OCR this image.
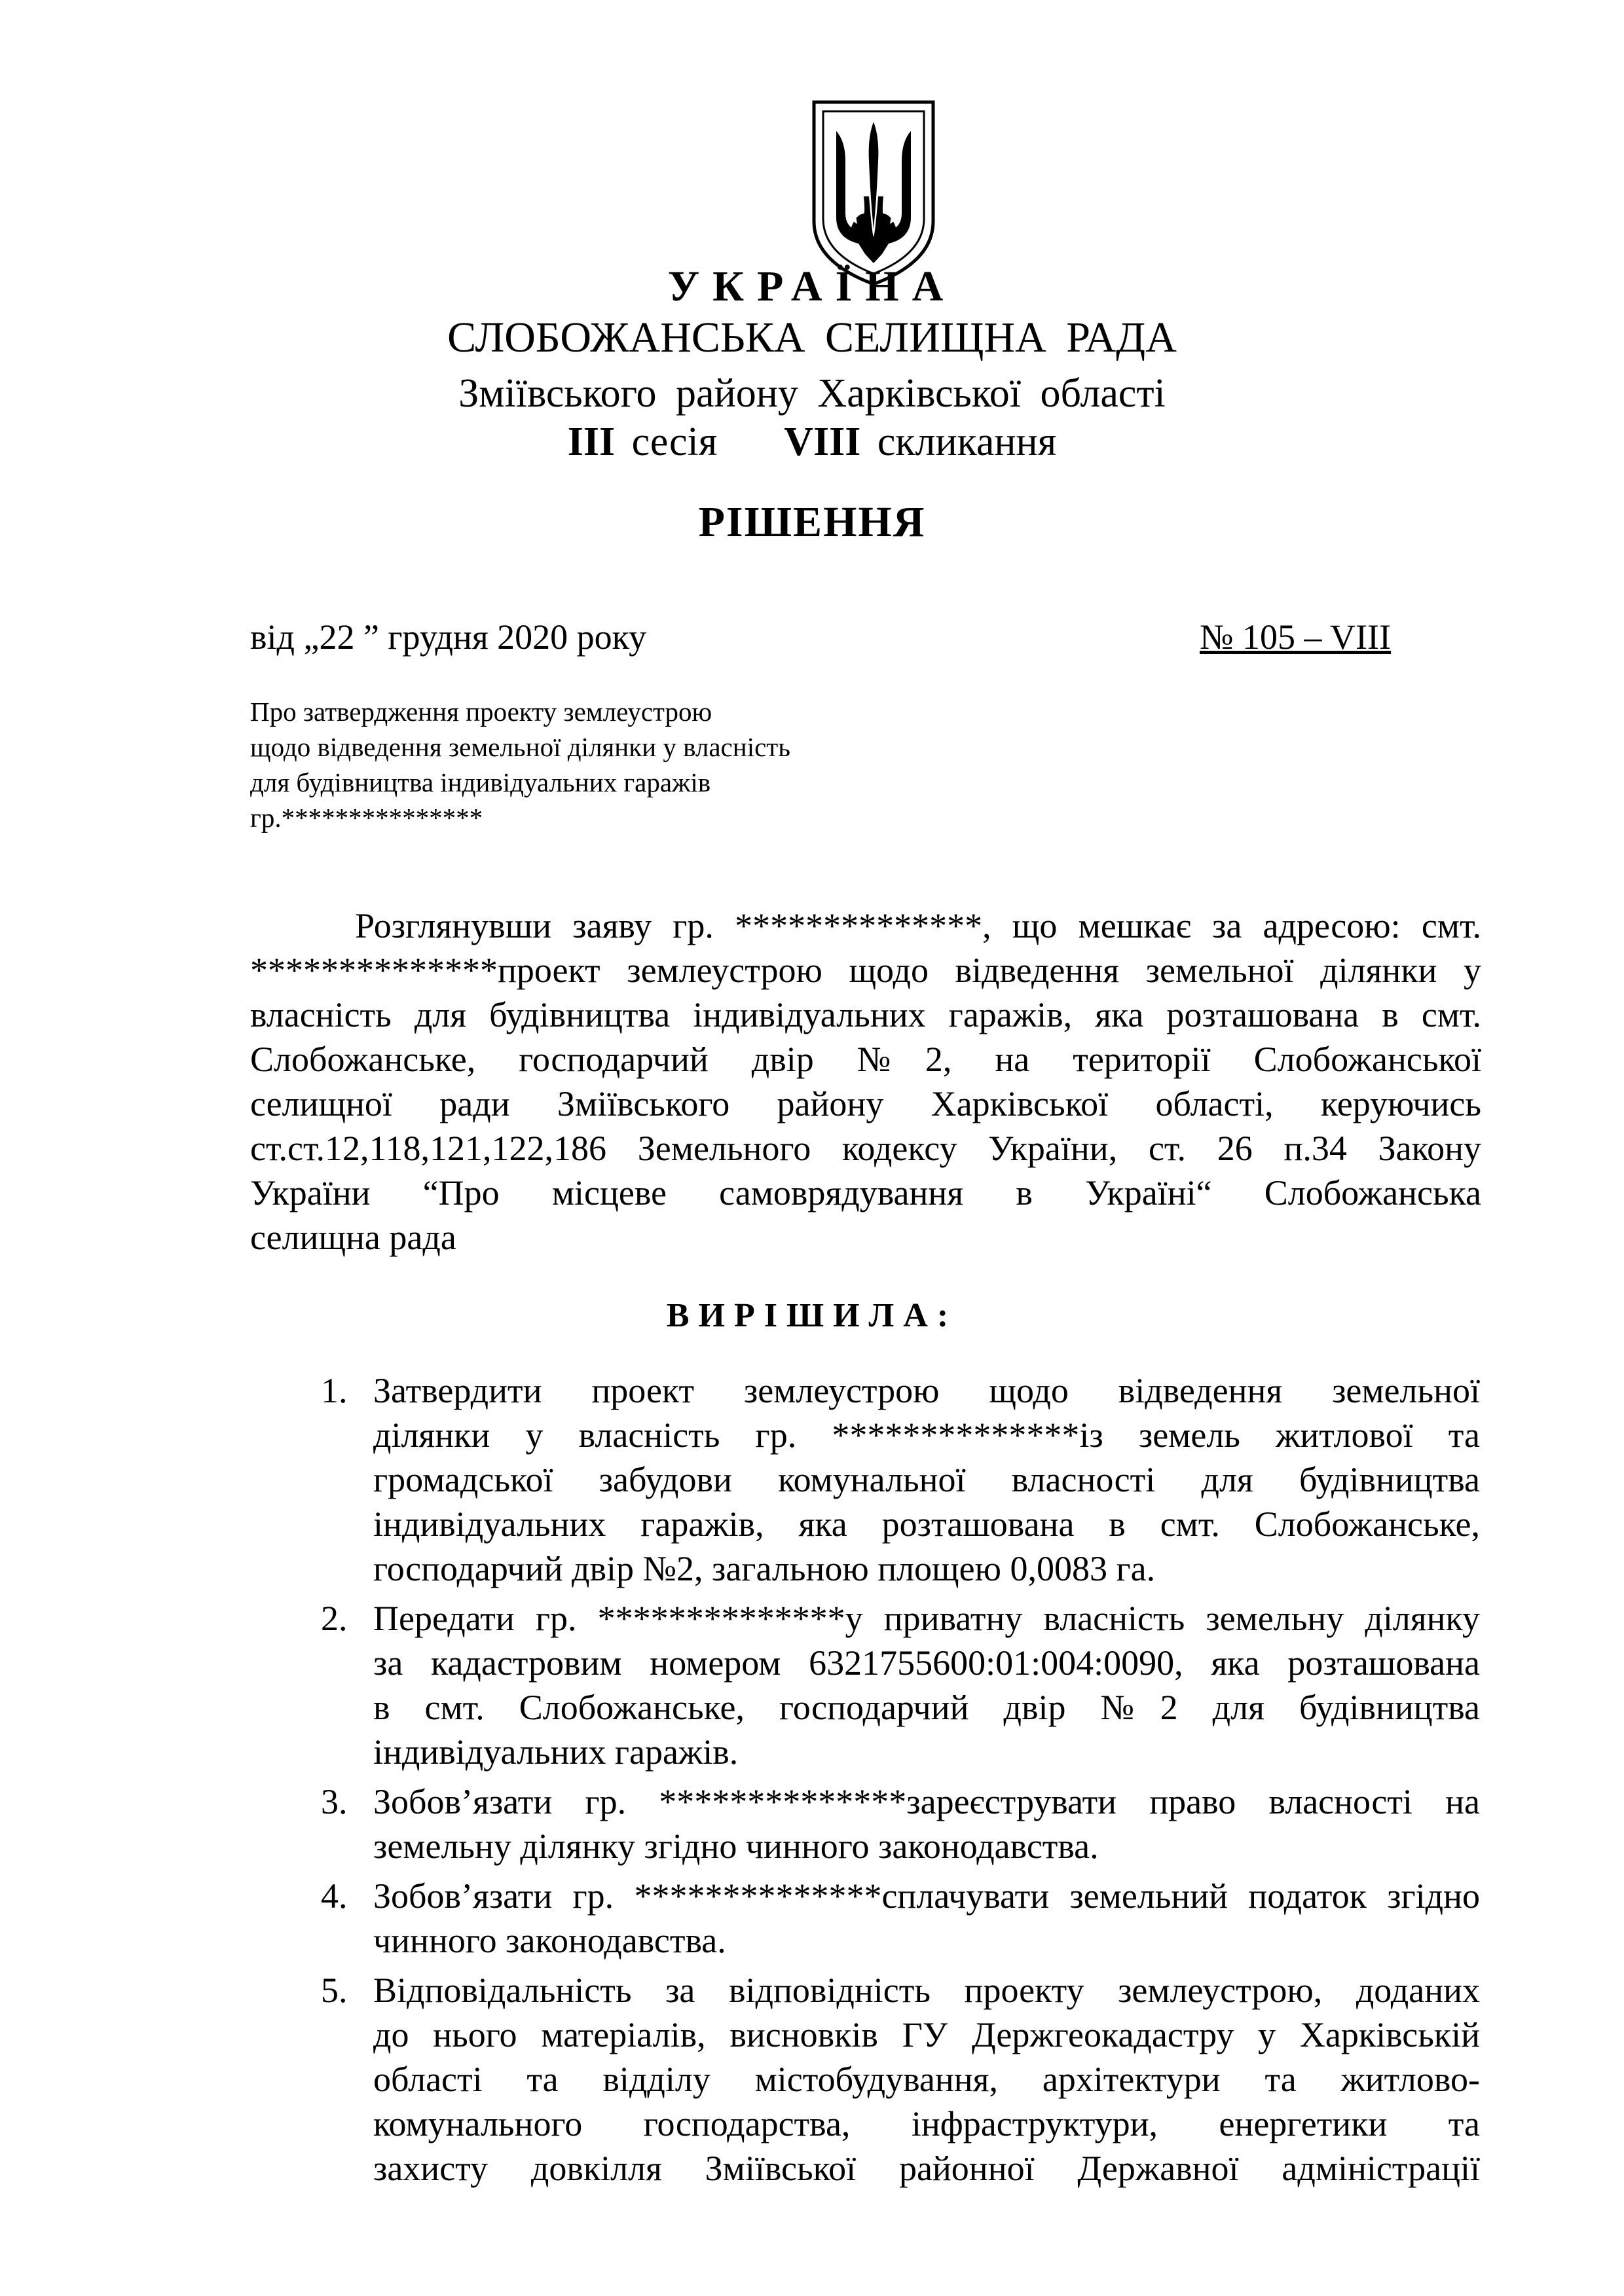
УКРАЇНА
СЛОБОЖАНСЬКА СЕЛИЩНА РАДА
Зміївського району Харківської області
ІІІ сесія VIІІ скликання
РІШЕННЯ
від „22 ” грудня 2020 року	№ 105 – VIІІ
Про затвердження проекту землеустрою
щодо відведення земельної ділянки у власність
для будівництва індивідуальних гаражів
гр.***************
Розглянувши заяву гр. **************, що мешкає за адресою: смт.
**************проект землеустрою щодо відведення земельної ділянки у
власність для будівництва індивідуальних гаражів, яка розташована в смт.
Слобожанське, господарчий двір №2, на території Слобожанської
селищної ради Зміївського району Харківської області, керуючись
ст.ст.12,118,121,122,186 Земельного кодексу України, ст. 26 п.34 Закону
України “Про місцеве самоврядування в Україні“ Слобожанська
селищна рада
ВИРІШИЛА:
1. Затвердити проект землеустрою щодо відведення земельної
ділянки у власність гр. **************із земель житлової та
громадської забудови комунальної власності для будівництва
індивідуальних гаражів, яка розташована в смт. Слобожанське,
господарчий двір №2, загальною площею 0,0083 га.
2. Передати гр. **************у приватну власність земельну ділянку
за кадастровим номером 6321755600:01:004:0090, яка розташована
в смт. Слобожанське, господарчий двір №2 для будівництва
індивідуальних гаражів.
3. Зобов’язати гр. **************зареєструвати право власності на
земельну ділянку згідно чинного законодавства.
4. Зобов’язати гр. **************сплачувати земельний податок згідно
чинного законодавства.
5. Відповідальність за відповідність проекту землеустрою, доданих
до нього матеріалів, висновків ГУ Держгеокадастру у Харківській
області та відділу містобудування, архітектури та житлово-
комунального господарства, інфраструктури, енергетики та
захисту довкілля Зміївської районної Державної адміністрації
